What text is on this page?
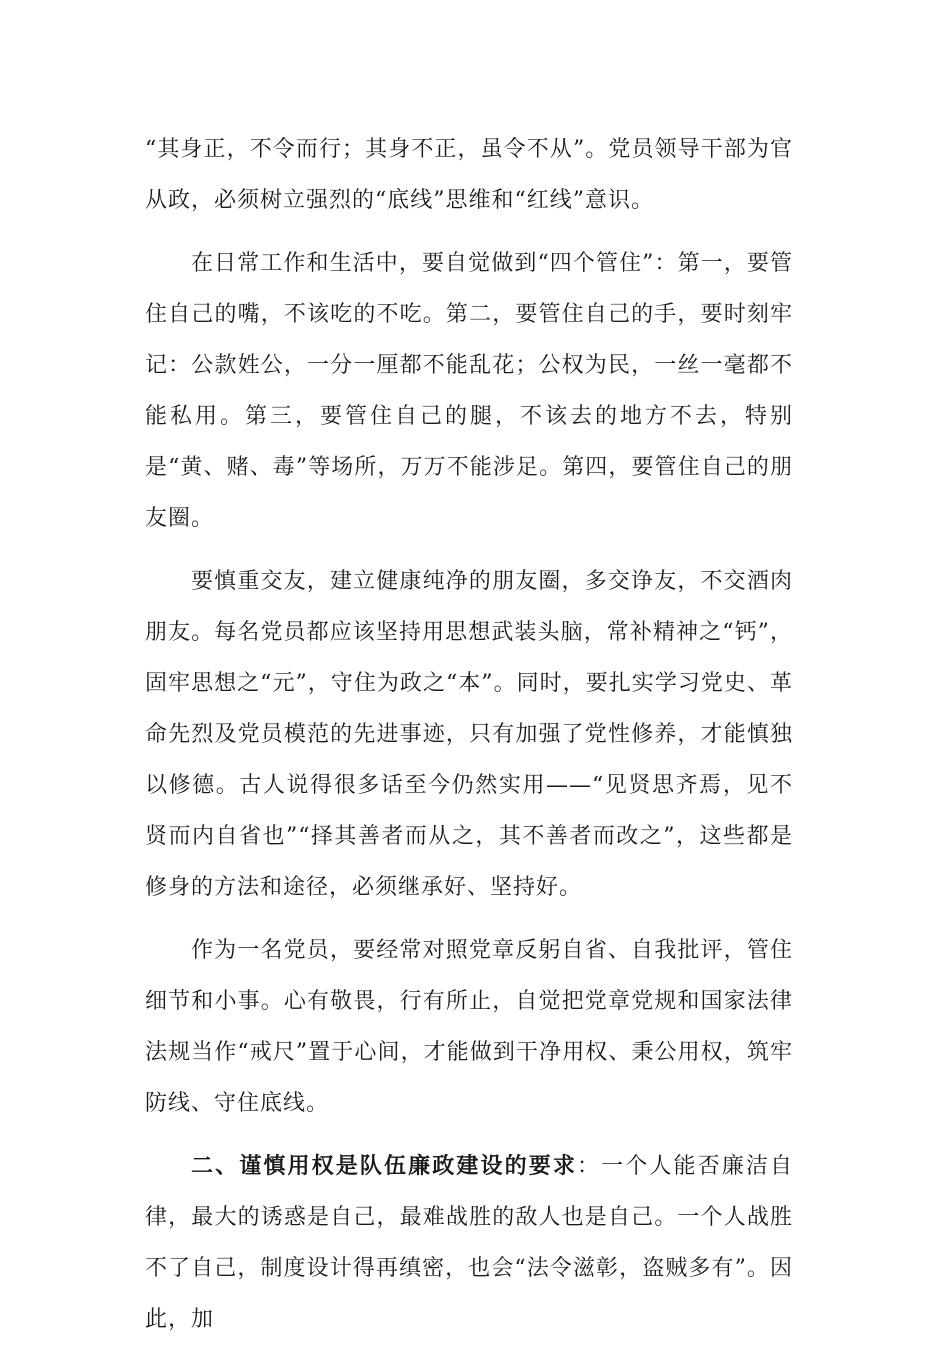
“其身正，不令而行；其身不正，虽令不从”。党员领导干部为官从政，必须树立强烈的“底线”思维和“红线”意识。

在日常工作和生活中，要自觉做到“四个管住”：第一，要管住自己的嘴，不该吃的不吃。第二，要管住自己的手，要时刻牢记：公款姓公，一分一厘都不能乱花；公权为民，一丝一毫都不能私用。第三，要管住自己的腿，不该去的地方不去，特别是“黄、赌、毒”等场所，万万不能涉足。第四，要管住自己的朋友圈。

要慎重交友，建立健康纯净的朋友圈，多交诤友，不交酒肉朋友。每名党员都应该坚持用思想武装头脑，常补精神之“钙”，固牢思想之“元”，守住为政之“本”。同时，要扎实学习党史、革命先烈及党员模范的先进事迹，只有加强了党性修养，才能慎独以修德。古人说得很多话至今仍然实用——“见贤思齐焉，见不贤而内自省也”“择其善者而从之，其不善者而改之”，这些都是修身的方法和途径，必须继承好、坚持好。

作为一名党员，要经常对照党章反躬自省、自我批评，管住细节和小事。心有敬畏，行有所止，自觉把党章党规和国家法律法规当作“戒尺”置于心间，才能做到干净用权、秉公用权，筑牢防线、守住底线。

二、谨慎用权是队伍廉政建设的要求：一个人能否廉洁自律，最大的诱惑是自己，最难战胜的敌人也是自己。一个人战胜不了自己，制度设计得再缜密，也会“法令滋彰，盗贼多有”。因此，加
